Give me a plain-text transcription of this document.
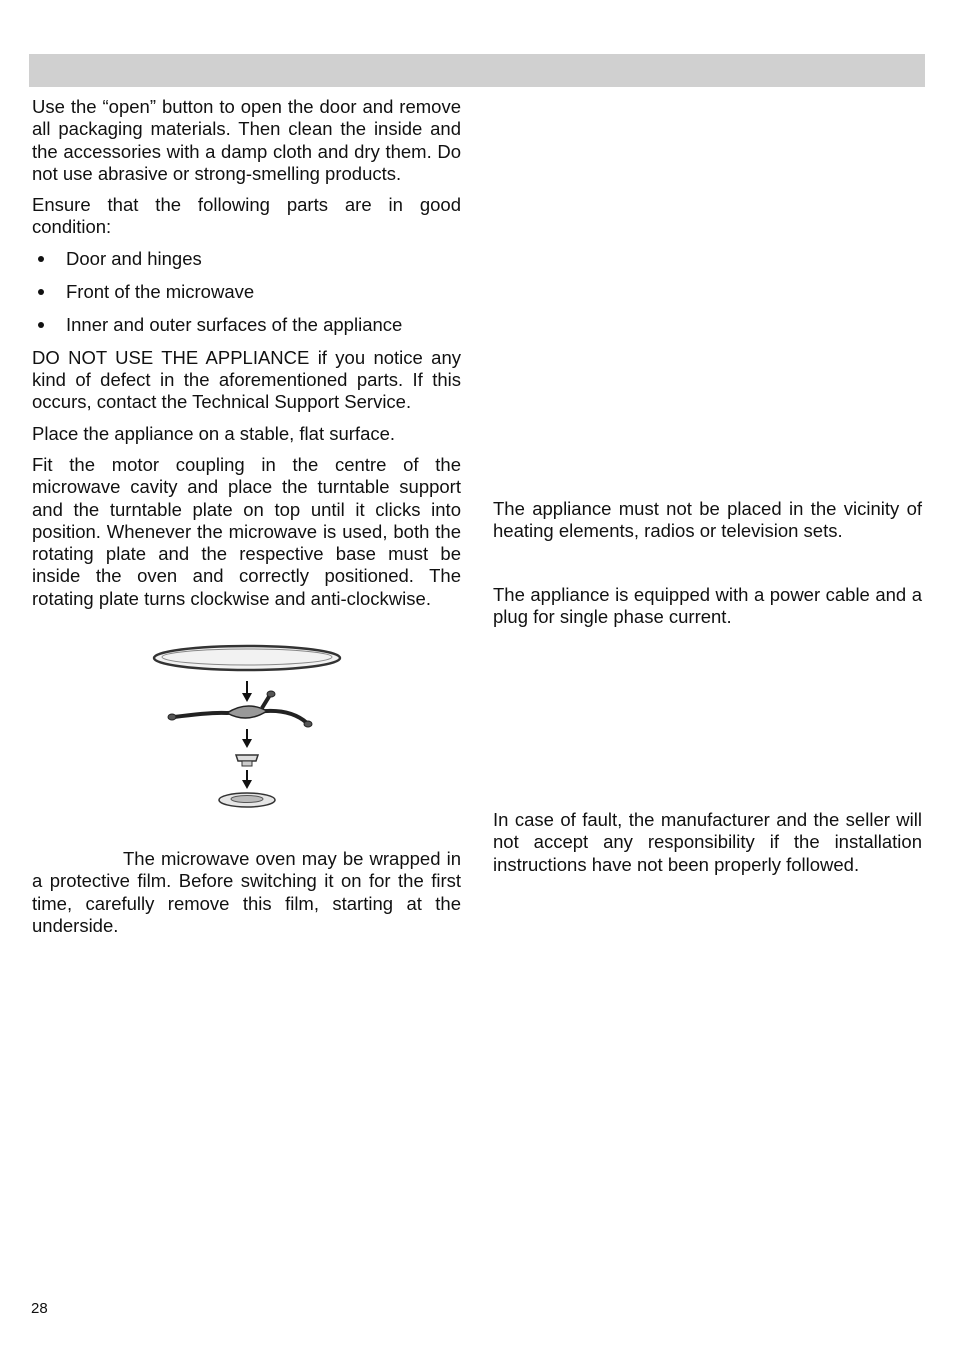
Use the “open” button to open the door and remove all packaging materials. Then clean the inside and the accessories with a damp cloth and dry them. Do not use abrasive or strong-smelling products.

Ensure that the following parts are in good condition:

Door and hinges
Front of the microwave
Inner and outer surfaces of the appliance

DO NOT USE THE APPLIANCE if you notice any kind of defect in the aforementioned parts. If this occurs, contact the Technical Support Service.

Place the appliance on a stable, flat surface.

Fit the motor coupling in the centre of the microwave cavity and place the turntable support and the turntable plate on top until it clicks into position. Whenever the microwave is used, both the rotating plate and the respective base must be inside the oven and correctly positioned. The rotating plate turns clockwise and anti-clockwise.

The microwave oven may be wrapped in a protective film. Before switching it on for the first time, carefully remove this film, starting at the underside.

The appliance must not be placed in the vicinity of heating elements, radios or television sets.

The appliance is equipped with a power cable and a plug for single phase current.

In case of fault, the manufacturer and the seller will not accept any responsibility if the installation instructions have not been properly followed.

28
